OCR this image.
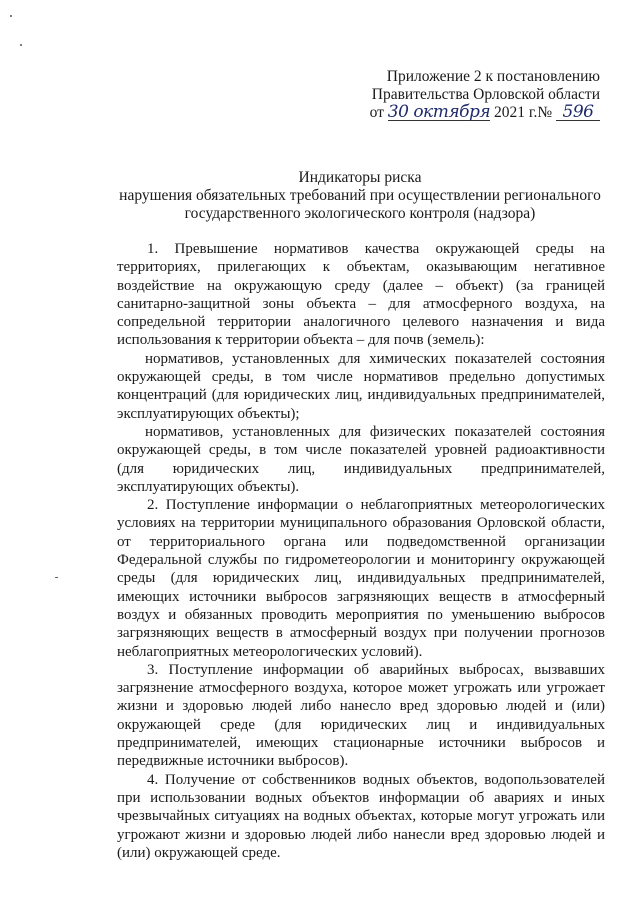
Приложение 2 к постановлению
Правительства Орловской области
от 30 октября 2021 г.№ 596
Индикаторы риска
нарушения обязательных требований при осуществлении регионального
государственного экологического контроля (надзора)

1. Превышение нормативов качества окружающей среды на территориях, прилегающих к объектам, оказывающим негативное воздействие на окружающую среду (далее – объект) (за границей санитарно-защитной зоны объекта – для атмосферного воздуха, на сопредельной территории аналогичного целевого назначения и вида использования к территории объекта – для почв (земель):

нормативов, установленных для химических показателей состояния окружающей среды, в том числе нормативов предельно допустимых концентраций (для юридических лиц, индивидуальных предпринимателей, эксплуатирующих объекты);

нормативов, установленных для физических показателей состояния окружающей среды, в том числе показателей уровней радиоактивности (для юридических лиц, индивидуальных предпринимателей, эксплуатирующих объекты).

2. Поступление информации о неблагоприятных метеорологических условиях на территории муниципального образования Орловской области, от территориального органа или подведомственной организации Федеральной службы по гидрометеорологии и мониторингу окружающей среды (для юридических лиц, индивидуальных предпринимателей, имеющих источники выбросов загрязняющих веществ в атмосферный воздух и обязанных проводить мероприятия по уменьшению выбросов загрязняющих веществ в атмосферный воздух при получении прогнозов неблагоприятных метеорологических условий).

3. Поступление информации об аварийных выбросах, вызвавших загрязнение атмосферного воздуха, которое может угрожать или угрожает жизни и здоровью людей либо нанесло вред здоровью людей и (или) окружающей среде (для юридических лиц и индивидуальных предпринимателей, имеющих стационарные источники выбросов и передвижные источники выбросов).

4. Получение от собственников водных объектов, водопользователей при использовании водных объектов информации об авариях и иных чрезвычайных ситуациях на водных объектах, которые могут угрожать или угрожают жизни и здоровью людей либо нанесли вред здоровью людей и (или) окружающей среде.
